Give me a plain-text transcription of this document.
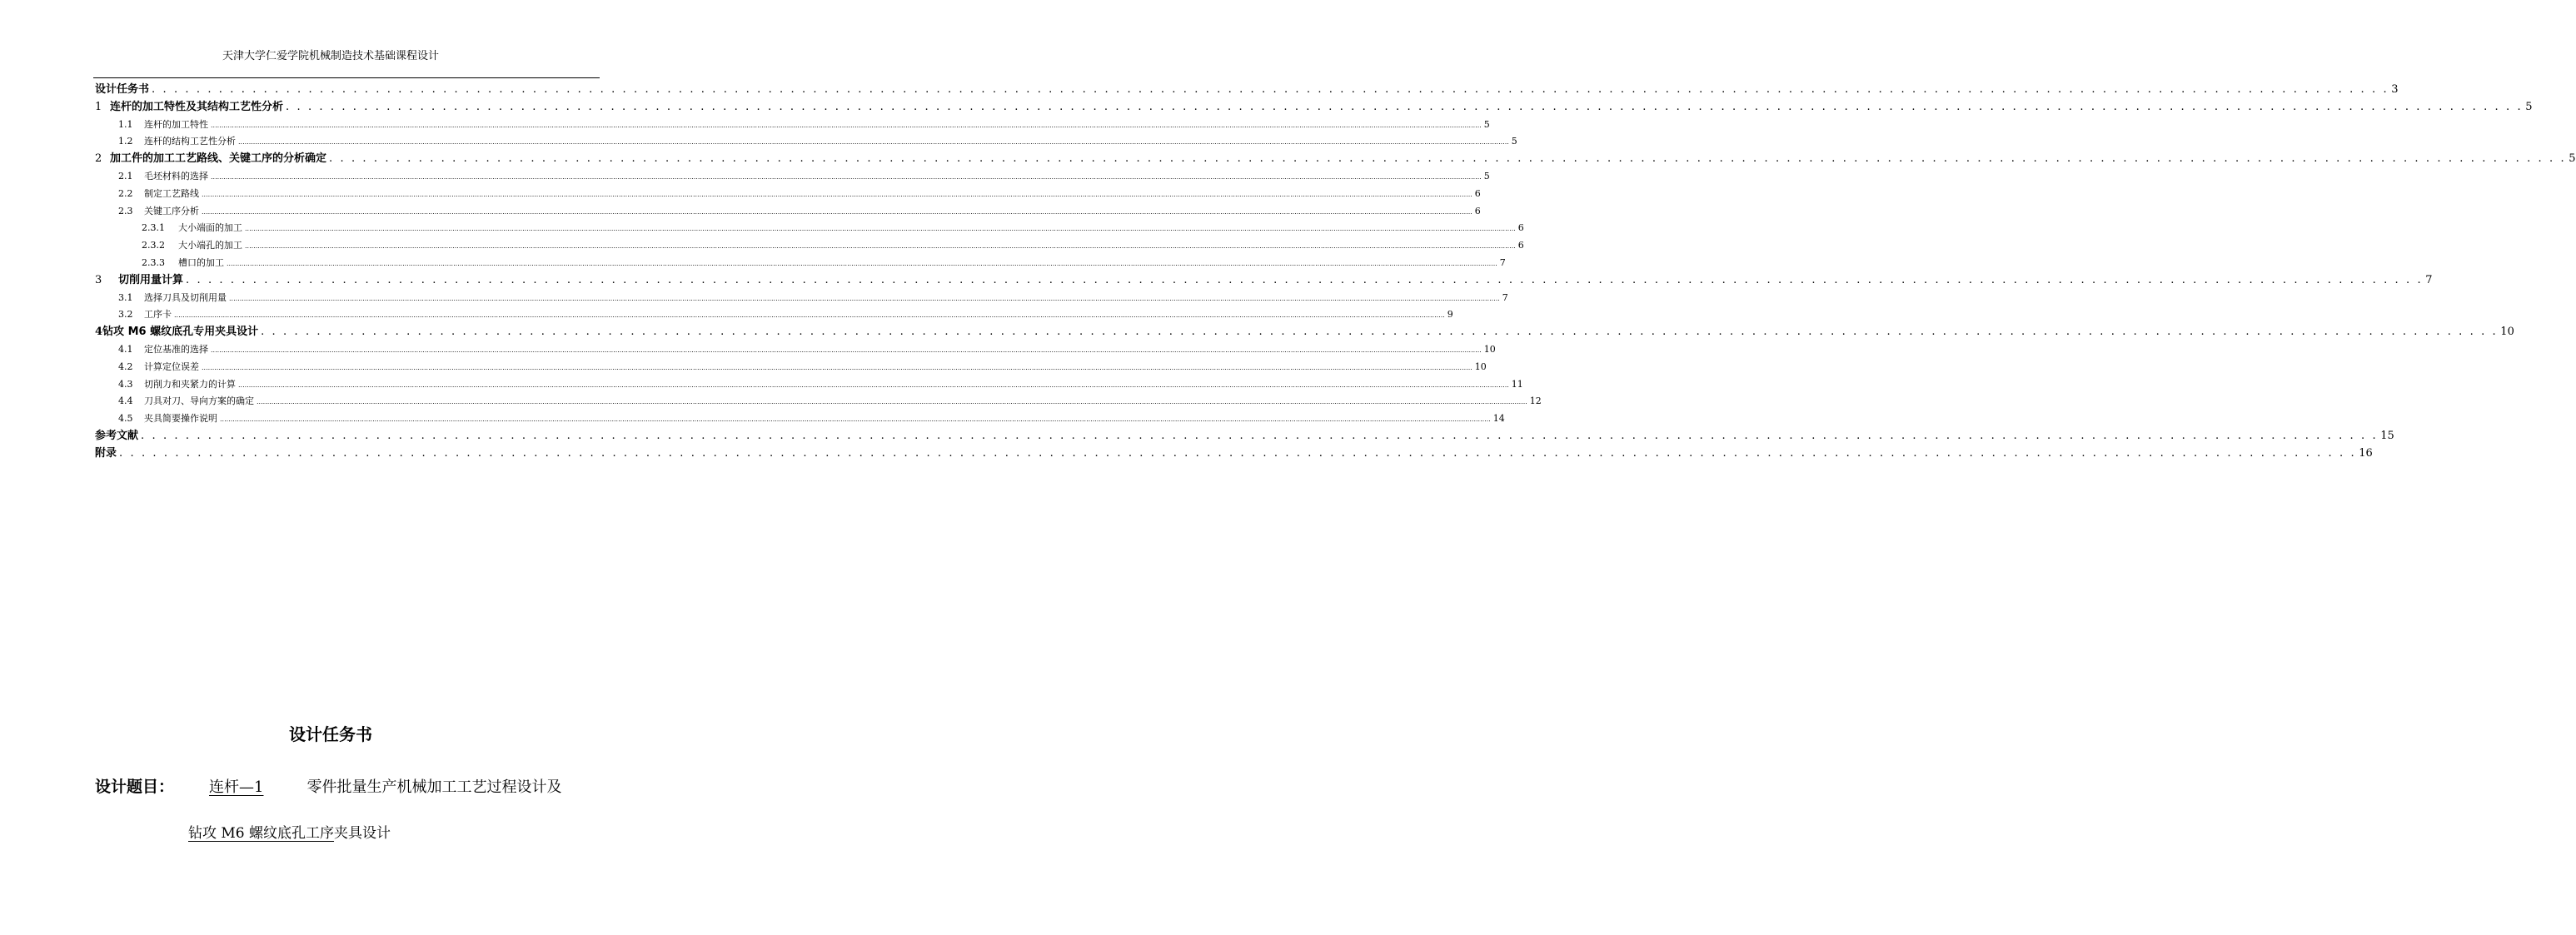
天津大学仁爱学院机械制造技术基础课程设计
设计任务书 . . . . . . . . . . . . . . . . . . . . . . . . . . . . . . . . . . . . . . . . . . . . . . . . . . . . . . . . . . . . . . . . . . . . . . . . . . . . . . . . . . . . . . . . . . . . . . . . . . . . . . . . . . . . . . . . . . . . . . . . . . . . . . . . . . . . . . . . . . . . . . . . . . . . . . . . . . . . . . . . . . . . . . . . . . . . . . . . . . . . . . . . . . . . . . . . . . . . . . . . 3
1 连杆的加工特性及其结构工艺性分析 . . . . . . . . . . . . . . . . . . . . . . . . . . . . . . . . . . . . . . . . . . . . . . . . . . . . . . . . . . . . . . . . . . . . . . . . . . . . . . . . . . . . . . . . . . . . . . . . . . . . . . . . . . . . . . . . . . . . . . . . . . . . . . . . . . . . . . . . . . . . . . . . . . . . . . . . . . . . . . . . . . . . . . . . . . . . . . . . . . . . . . . . . . . . . . . . . . . . . . . . 5
1.1 连杆的加工特性 ........................................................................................................................................................................................................................................................................................................................................................................................................................................................................................................................................................................................................................ 5
1.2 连杆的结构工艺性分析 ........................................................................................................................................................................................................................................................................................................................................................................................................................................................................................................................................................................................................................ 5
2 加工件的加工工艺路线、关键工序的分析确定 . . . . . . . . . . . . . . . . . . . . . . . . . . . . . . . . . . . . . . . . . . . . . . . . . . . . . . . . . . . . . . . . . . . . . . . . . . . . . . . . . . . . . . . . . . . . . . . . . . . . . . . . . . . . . . . . . . . . . . . . . . . . . . . . . . . . . . . . . . . . . . . . . . . . . . . . . . . . . . . . . . . . . . . . . . . . . . . . . . . . . . . . . . . . . . . . . . . . . . . . 5
2.1 毛坯材料的选择 ........................................................................................................................................................................................................................................................................................................................................................................................................................................................................................................................................................................................................................ 5
2.2 制定工艺路线 ........................................................................................................................................................................................................................................................................................................................................................................................................................................................................................................................................................................................................................ 6
2.3 关键工序分析 ........................................................................................................................................................................................................................................................................................................................................................................................................................................................................................................................................................................................................................ 6
2.3.1 大小端面的加工 ........................................................................................................................................................................................................................................................................................................................................................................................................................................................................................................................................................................................................................ 6
2.3.2 大小端孔的加工 ........................................................................................................................................................................................................................................................................................................................................................................................................................................................................................................................................................................................................................ 6
2.3.3 槽口的加工 ........................................................................................................................................................................................................................................................................................................................................................................................................................................................................................................................................................................................................................ 7
3 切削用量计算 . . . . . . . . . . . . . . . . . . . . . . . . . . . . . . . . . . . . . . . . . . . . . . . . . . . . . . . . . . . . . . . . . . . . . . . . . . . . . . . . . . . . . . . . . . . . . . . . . . . . . . . . . . . . . . . . . . . . . . . . . . . . . . . . . . . . . . . . . . . . . . . . . . . . . . . . . . . . . . . . . . . . . . . . . . . . . . . . . . . . . . . . . . . . . . . . . . . . . . . . 7
3.1 选择刀具及切削用量 ........................................................................................................................................................................................................................................................................................................................................................................................................................................................................................................................................................................................................................ 7
3.2 工序卡 ........................................................................................................................................................................................................................................................................................................................................................................................................................................................................................................................................................................................................................ 9
4钻攻 M6 螺纹底孔专用夹具设计 . . . . . . . . . . . . . . . . . . . . . . . . . . . . . . . . . . . . . . . . . . . . . . . . . . . . . . . . . . . . . . . . . . . . . . . . . . . . . . . . . . . . . . . . . . . . . . . . . . . . . . . . . . . . . . . . . . . . . . . . . . . . . . . . . . . . . . . . . . . . . . . . . . . . . . . . . . . . . . . . . . . . . . . . . . . . . . . . . . . . . . . . . . . . . . . . . . . . . . . . 10
4.1 定位基准的选择 ........................................................................................................................................................................................................................................................................................................................................................................................................................................................................................................................................................................................................................ 10
4.2 计算定位误差 ........................................................................................................................................................................................................................................................................................................................................................................................................................................................................................................................................................................................................................ 10
4.3 切削力和夹紧力的计算 ........................................................................................................................................................................................................................................................................................................................................................................................................................................................................................................................................................................................................................ 11
4.4 刀具对刀、导向方案的确定 ........................................................................................................................................................................................................................................................................................................................................................................................................................................................................................................................................................................................................................ 12
4.5 夹具简要操作说明 ........................................................................................................................................................................................................................................................................................................................................................................................................................................................................................................................................................................................................................ 14
参考文献 . . . . . . . . . . . . . . . . . . . . . . . . . . . . . . . . . . . . . . . . . . . . . . . . . . . . . . . . . . . . . . . . . . . . . . . . . . . . . . . . . . . . . . . . . . . . . . . . . . . . . . . . . . . . . . . . . . . . . . . . . . . . . . . . . . . . . . . . . . . . . . . . . . . . . . . . . . . . . . . . . . . . . . . . . . . . . . . . . . . . . . . . . . . . . . . . . . . . . . . . 15
附录 . . . . . . . . . . . . . . . . . . . . . . . . . . . . . . . . . . . . . . . . . . . . . . . . . . . . . . . . . . . . . . . . . . . . . . . . . . . . . . . . . . . . . . . . . . . . . . . . . . . . . . . . . . . . . . . . . . . . . . . . . . . . . . . . . . . . . . . . . . . . . . . . . . . . . . . . . . . . . . . . . . . . . . . . . . . . . . . . . . . . . . . . . . . . . . . . . . . . . . . . 16
设计任务书
设计题目： 连杆—1	零件批量生产机械加工工艺过程设计及
钻攻 M6 螺纹底孔工序夹具设计
